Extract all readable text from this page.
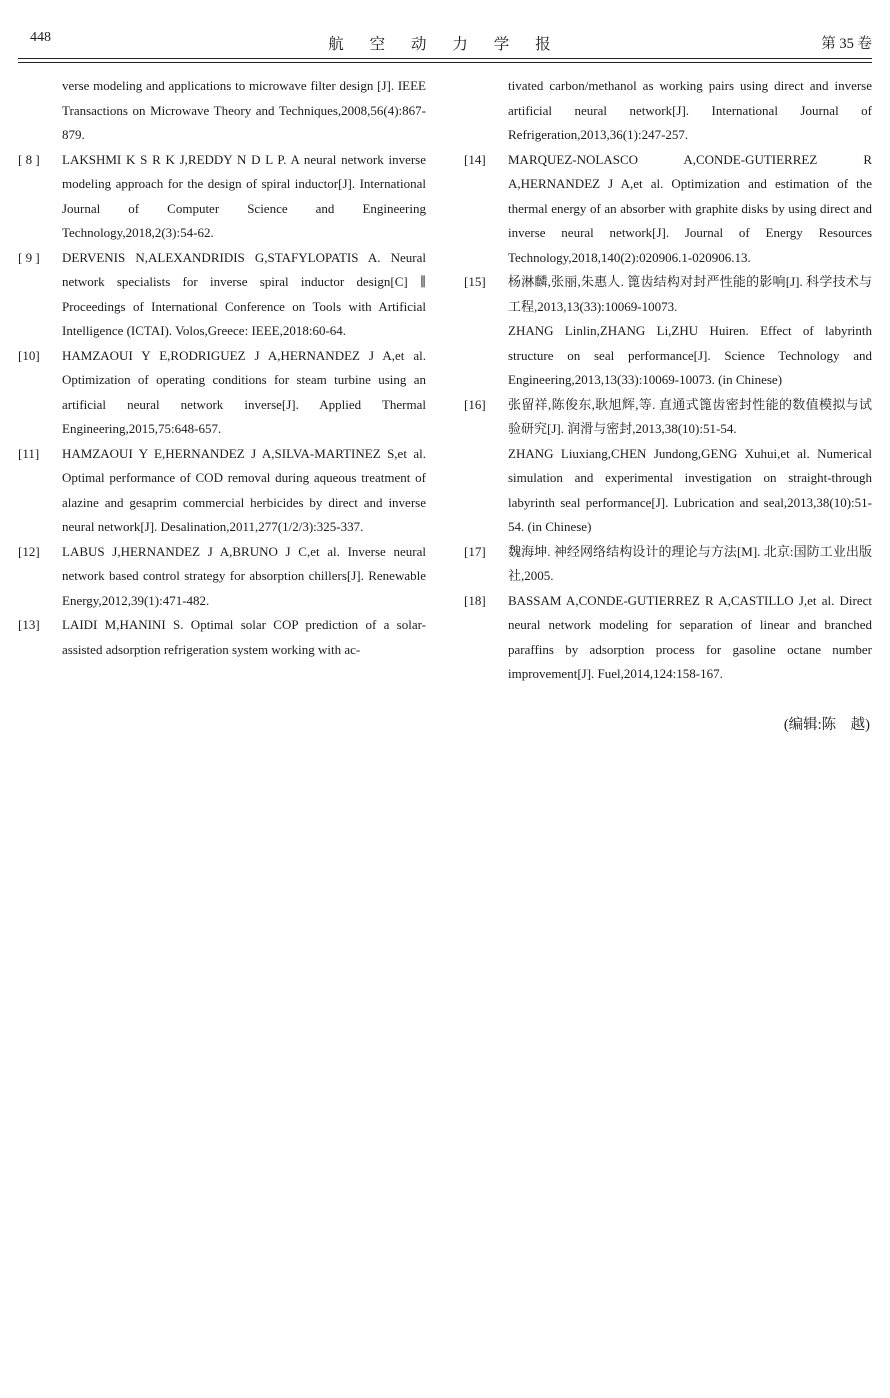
448	航 空 动 力 学 报	第 35 卷
verse modeling and applications to microwave filter design [J]. IEEE Transactions on Microwave Theory and Techniques,2008,56(4):867-879.
[ 8 ]	LAKSHMI K S R K J,REDDY N D L P. A neural network inverse modeling approach for the design of spiral inductor[J]. International Journal of Computer Science and Engineering Technology,2018,2(3):54-62.
[ 9 ]	DERVENIS N,ALEXANDRIDIS G,STAFYLOPATIS A. Neural network specialists for inverse spiral inductor design[C] ∥ Proceedings of International Conference on Tools with Artificial Intelligence (ICTAI). Volos,Greece: IEEE,2018:60-64.
[10]	HAMZAOUI Y E,RODRIGUEZ J A,HERNANDEZ J A,et al. Optimization of operating conditions for steam turbine using an artificial neural network inverse[J]. Applied Thermal Engineering,2015,75:648-657.
[11]	HAMZAOUI Y E,HERNANDEZ J A,SILVA-MARTINEZ S,et al. Optimal performance of COD removal during aqueous treatment of alazine and gesaprim commercial herbicides by direct and inverse neural network[J]. Desalination,2011,277(1/2/3):325-337.
[12]	LABUS J,HERNANDEZ J A,BRUNO J C,et al. Inverse neural network based control strategy for absorption chillers[J]. Renewable Energy,2012,39(1):471-482.
[13]	LAIDI M,HANINI S. Optimal solar COP prediction of a solar-assisted adsorption refrigeration system working with ac-
tivated carbon/methanol as working pairs using direct and inverse artificial neural network[J]. International Journal of Refrigeration,2013,36(1):247-257.
[14]	MARQUEZ-NOLASCO A,CONDE-GUTIERREZ R A,HERNANDEZ J A,et al. Optimization and estimation of the thermal energy of an absorber with graphite disks by using direct and inverse neural network[J]. Journal of Energy Resources Technology,2018,140(2):020906.1-020906.13.
[15]	杨淋麟,张丽,朱惠人. 篦齿结构对封严性能的影响[J]. 科学技术与工程,2013,13(33):10069-10073.
ZHANG Linlin,ZHANG Li,ZHU Huiren. Effect of labyrinth structure on seal performance[J]. Science Technology and Engineering,2013,13(33):10069-10073. (in Chinese)
[16]	张留祥,陈俊东,耿旭辉,等. 直通式篦齿密封性能的数值模拟与试验研究[J]. 润滑与密封,2013,38(10):51-54.
ZHANG Liuxiang,CHEN Jundong,GENG Xuhui,et al. Numerical simulation and experimental investigation on straight-through labyrinth seal performance[J]. Lubrication and seal,2013,38(10):51-54. (in Chinese)
[17]	魏海坤. 神经网络结构设计的理论与方法[M]. 北京:国防工业出版社,2005.
[18]	BASSAM A,CONDE-GUTIERREZ R A,CASTILLO J,et al. Direct neural network modeling for separation of linear and branched paraffins by adsorption process for gasoline octane number improvement[J]. Fuel,2014,124:158-167.
(编辑:陈　越)
